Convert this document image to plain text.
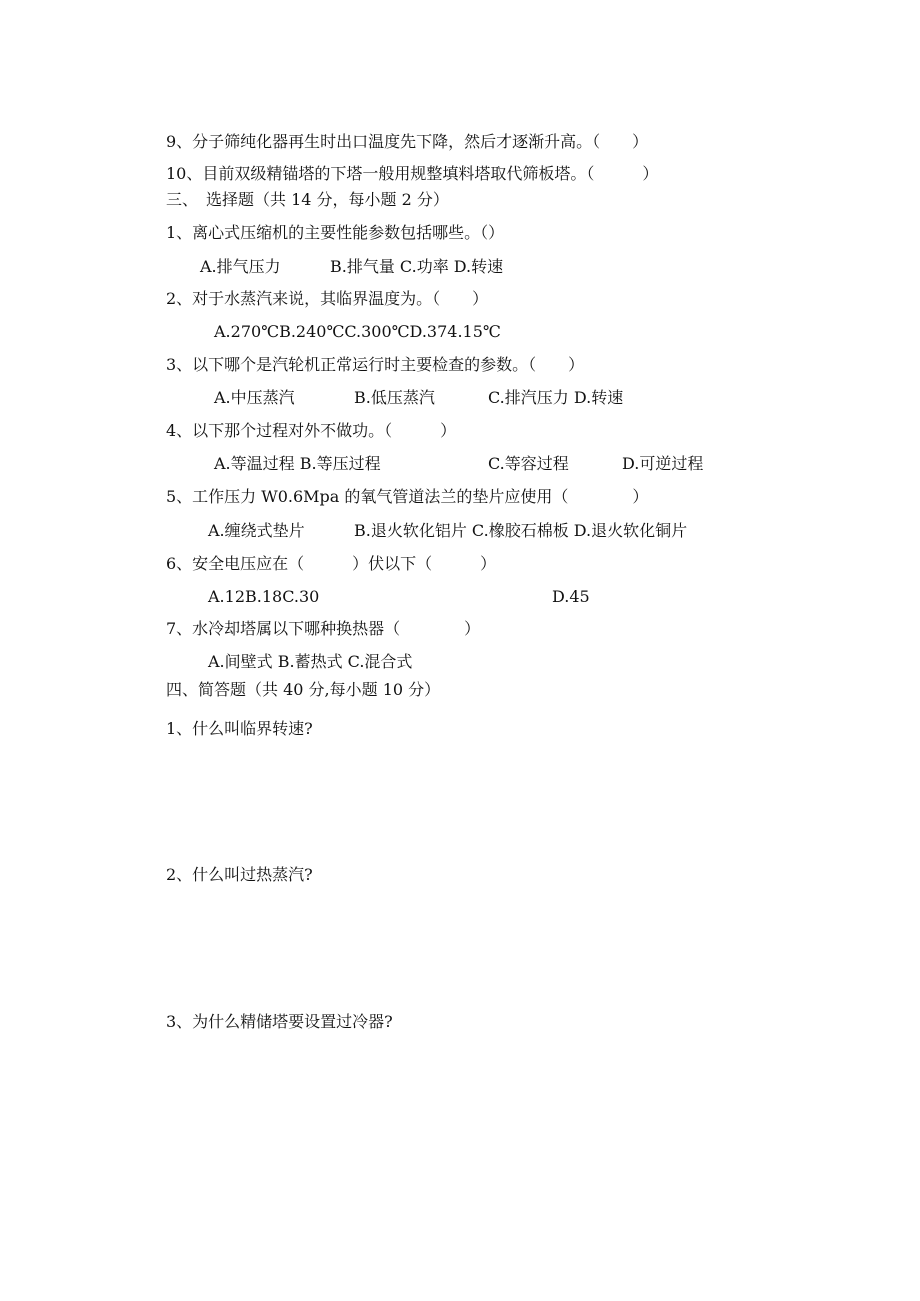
9、分子筛纯化器再生时出口温度先下降，然后才逐渐升高。（　　）
10、目前双级精锚塔的下塔一般用规整填料塔取代筛板塔。（　　　）
三、　选择题（共 14 分，每小题 2 分）
1、离心式压缩机的主要性能参数包括哪些。（）
A.排气压力	B.排气量 C.功率 D.转速
2、对于水蒸汽来说，其临界温度为。（　　）
A.270℃B.240℃C.300℃D.374.15℃
3、以下哪个是汽轮机正常运行时主要检查的参数。（　　）
A.中压蒸汽	B.低压蒸汽	C.排汽压力 D.转速
4、以下那个过程对外不做功。（　　　）
A.等温过程 B.等压过程	C.等容过程	D.可逆过程
5、工作压力 W0.6Mpa 的氧气管道法兰的垫片应使用（　　　　）
A.缠绕式垫片	B.退火软化铝片 C.橡胶石棉板 D.退火软化铜片
6、安全电压应在（　　　）伏以下（　　　）
A.12B.18C.30	D.45
7、水冷却塔属以下哪种换热器（　　　　）
A.间壁式 B.蓄热式 C.混合式
四、简答题（共 40 分,每小题 10 分）
1、什么叫临界转速?
2、什么叫过热蒸汽?
3、为什么精储塔要设置过冷器?
